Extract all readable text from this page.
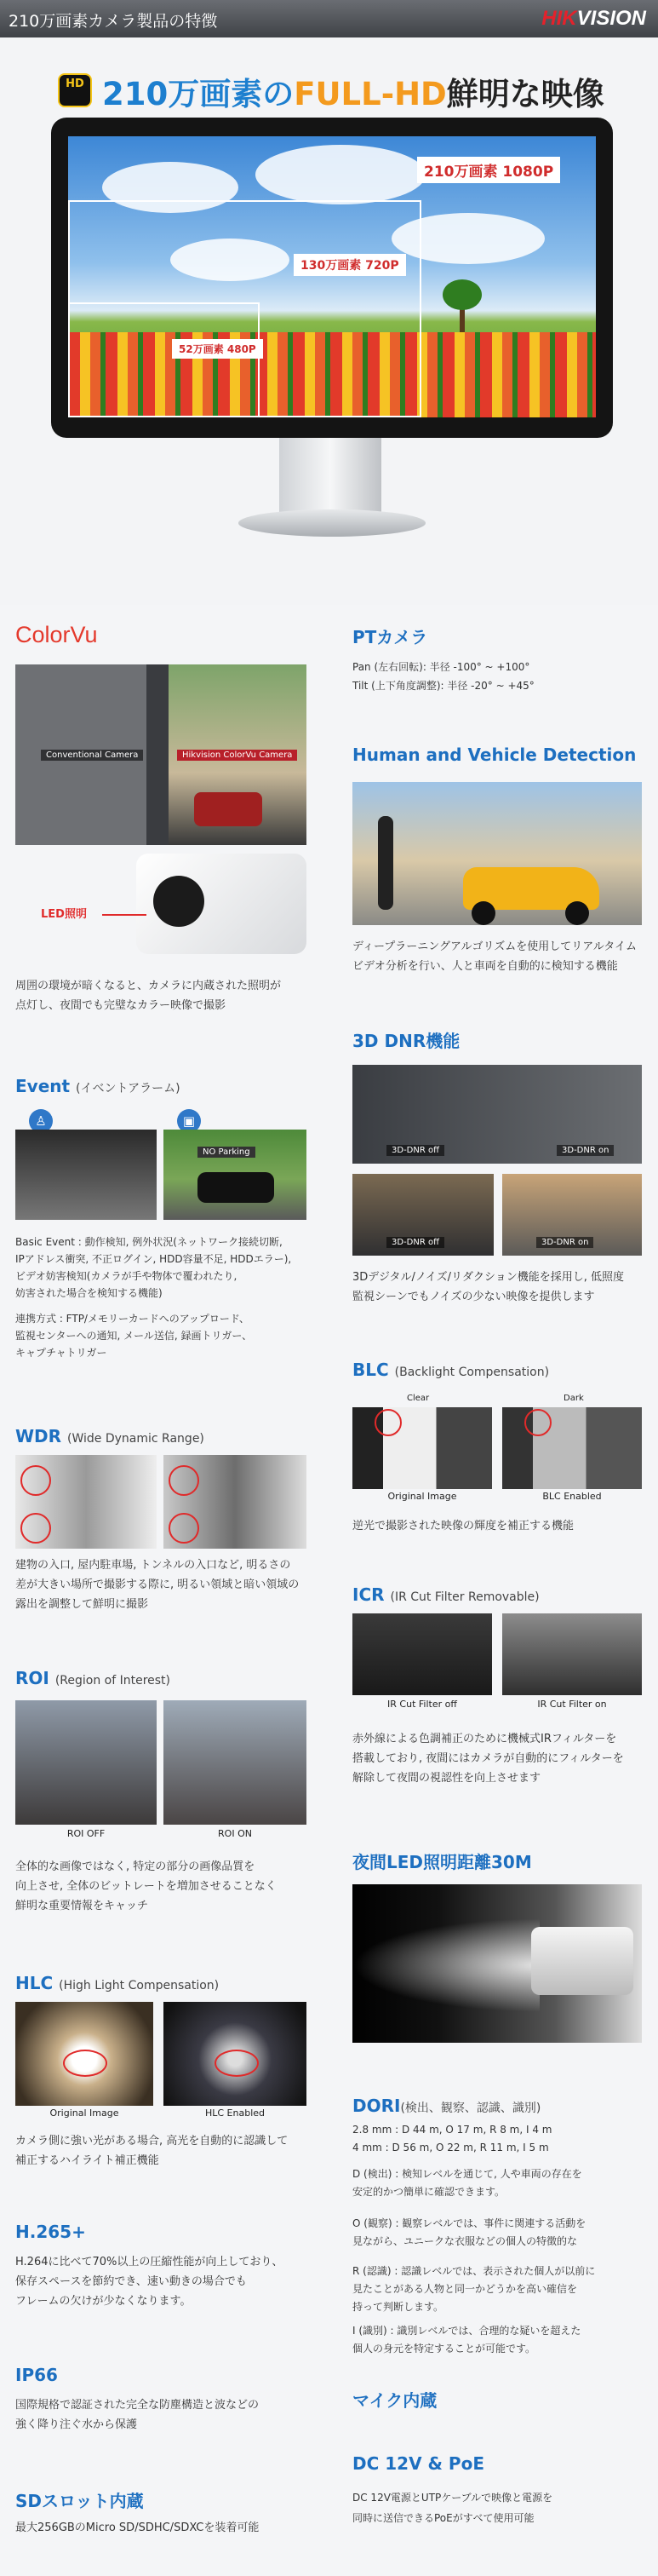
210万画素カメラ製品の特徴	HIKVISION
HD 210万画素のFULL-HD鮮明な映像
210万画素 1080P
130万画素 720P
52万画素 480P
ColorVu
Conventional Camera	Hikvision ColorVu Camera
LED照明
周囲の環境が暗くなると、カメラに内蔵された照明が
点灯し、夜間でも完璧なカラー映像で撮影
Event (イベントアラーム)
♙	▣
NO Parking
Basic Event : 動作検知, 例外状況(ネットワーク接続切断,
IPアドレス衝突, 不正ログイン, HDD容量不足, HDDエラー),
ビデオ妨害検知(カメラが手や物体で覆われたり,
妨害された場合を検知する機能)
連携方式 : FTP/メモリーカードへのアップロード、
監視センターへの通知, メール送信, 録画トリガー、
キャプチャトリガー
WDR (Wide Dynamic Range)
建物の入口, 屋内駐車場, トンネルの入口など, 明るさの
差が大きい場所で撮影する際に, 明るい領域と暗い領域の
露出を調整して鮮明に撮影
ROI (Region of Interest)
ROI OFF	ROI ON
全体的な画像ではなく, 特定の部分の画像品質を
向上させ, 全体のビットレートを増加させることなく
鮮明な重要情報をキャッチ
HLC (High Light Compensation)
Original Image	HLC Enabled
カメラ側に強い光がある場合, 高光を自動的に認識して
補正するハイライト補正機能
H.265+
H.264に比べて70%以上の圧縮性能が向上しており、
保存スペースを節約でき、速い動きの場合でも
フレームの欠けが少なくなります。
IP66
国際規格で認証された完全な防塵構造と波などの
強く降り注ぐ水から保護
SDスロット内蔵
最大256GBのMicro SD/SDHC/SDXCを装着可能
PTカメラ
Pan (左右回転): 半径 -100° ~ +100°
Tilt (上下角度調整): 半径 -20° ~ +45°
Human and Vehicle Detection
ディープラーニングアルゴリズムを使用してリアルタイム
ビデオ分析を行い、人と車両を自動的に検知する機能
3D DNR機能
3D-DNR off	3D-DNR on
3D-DNR off	3D-DNR on
3Dデジタル/ノイズ/リダクション機能を採用し, 低照度
監視シーンでもノイズの少ない映像を提供します
BLC (Backlight Compensation)
Clear	Dark
Original Image	BLC Enabled
逆光で撮影された映像の輝度を補正する機能
ICR (IR Cut Filter Removable)
IR Cut Filter off	IR Cut Filter on
赤外線による色調補正のために機械式IRフィルターを
搭載しており, 夜間にはカメラが自動的にフィルターを
解除して夜間の視認性を向上させます
夜間LED照明距離30M
DORI(検出、観察、認識、識別)
2.8 mm : D 44 m, O 17 m, R 8 m, I 4 m
4 mm : D 56 m, O 22 m, R 11 m, I 5 m
D (検出) : 検知レベルを通じて, 人や車両の存在を
安定的かつ簡単に確認できます。
O (観察) : 観察レベルでは、事件に関連する活動を
見ながら、ユニークな衣服などの個人の特徴的な
R (認識) : 認識レベルでは、表示された個人が以前に
見たことがある人物と同一かどうかを高い確信を
持って判断します。
I (識別) : 識別レベルでは、合理的な疑いを超えた
個人の身元を特定することが可能です。
マイク内蔵
DC 12V & PoE
DC 12V電源とUTPケーブルで映像と電源を
同時に送信できるPoEがすべて使用可能
